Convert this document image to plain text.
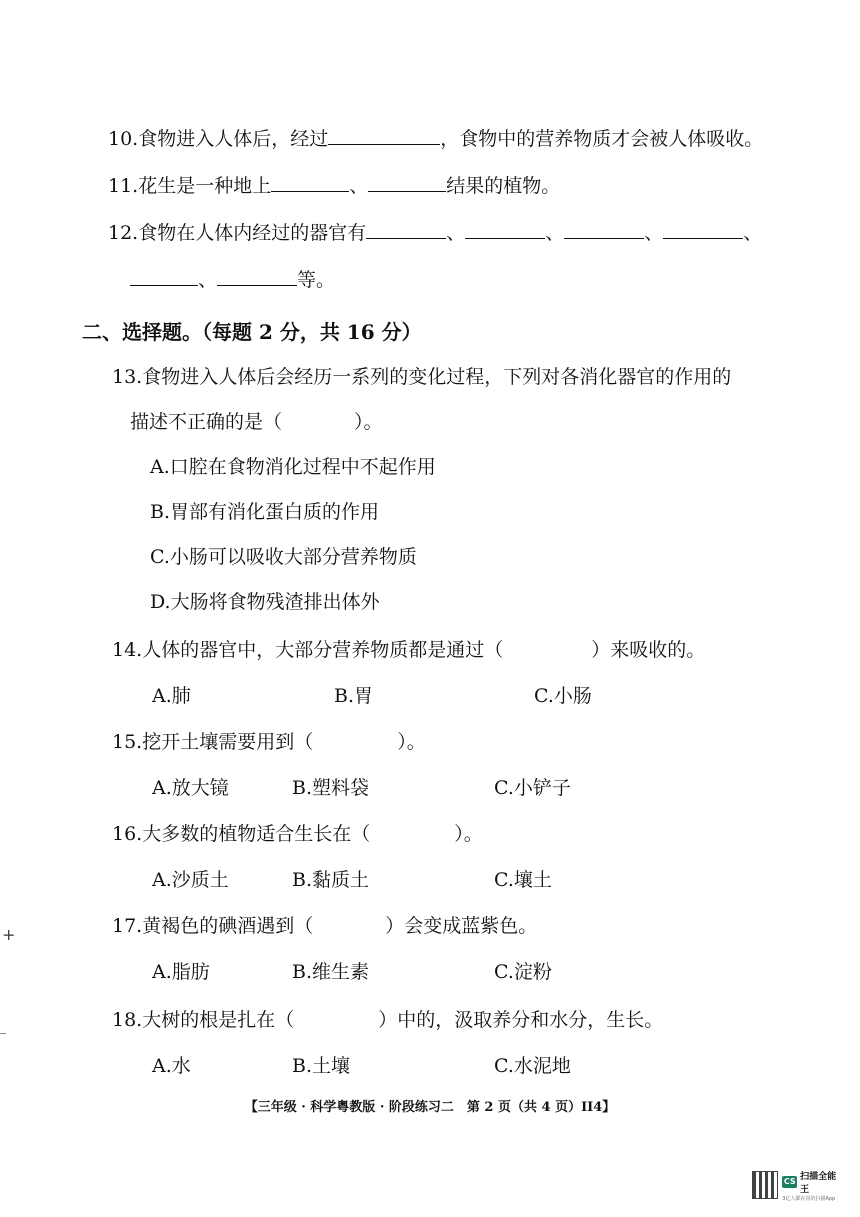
10.食物进入人体后，经过	，食物中的营养物质才会被人体吸收。
11.花生是一种地上	、	结果的植物。
12.食物在人体内经过的器官有	、	、	、	、
、	等。
二、选择题。（每题 2 分，共 16 分）
13.食物进入人体后会经历一系列的变化过程，下列对各消化器官的作用的
描述不正确的是（	）。
A.口腔在食物消化过程中不起作用
B.胃部有消化蛋白质的作用
C.小肠可以吸收大部分营养物质
D.大肠将食物残渣排出体外
14.人体的器官中，大部分营养物质都是通过（	）来吸收的。
A.肺	B.胃	C.小肠
15.挖开土壤需要用到（	）。
A.放大镜	B.塑料袋	C.小铲子
16.大多数的植物适合生长在（	）。
A.沙质土	B.黏质土	C.壤土
17.黄褐色的碘酒遇到（	）会变成蓝紫色。
A.脂肪	B.维生素	C.淀粉
18.大树的根是扎在（	）中的，汲取养分和水分，生长。
A.水	B.土壤	C.水泥地
【三年级 · 科学粤教版 · 阶段练习二　第 2 页（共 4 页）II4】
+
CS 扫描全能王
3亿人都在用的扫描App
